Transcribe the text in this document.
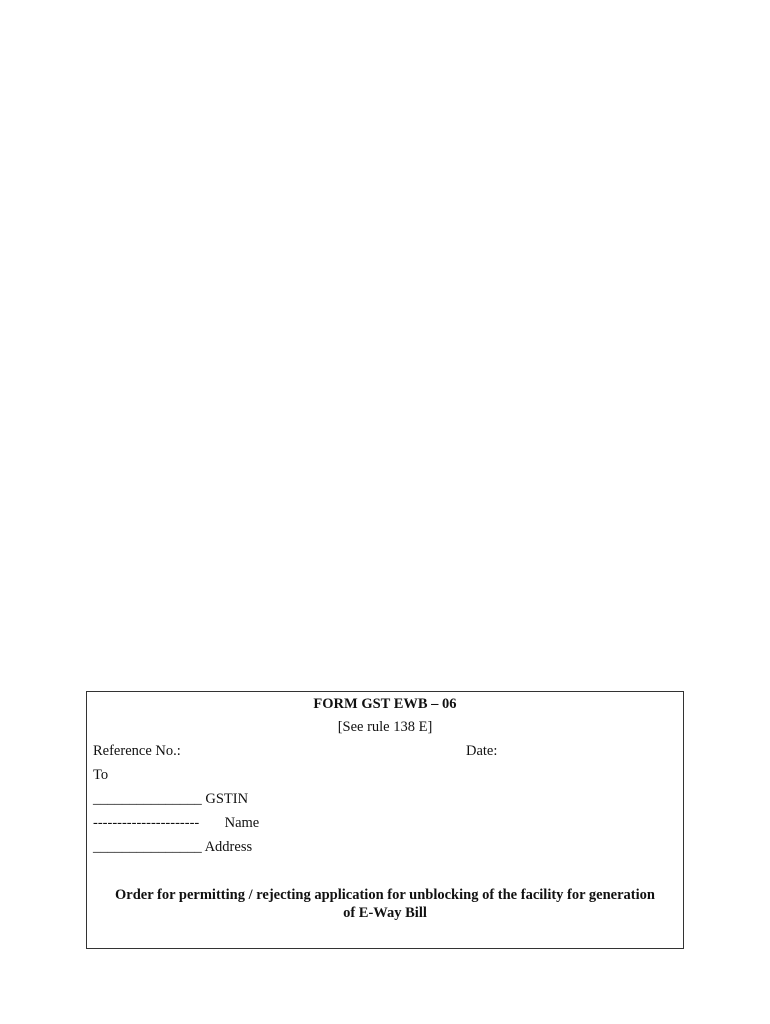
FORM GST EWB – 06
[See rule 138 E]
Reference No.:	Date:
To
_______________ GSTIN
---------------------- Name
_______________ Address
Order for permitting / rejecting application for unblocking of the facility for generation
of E-Way Bill
